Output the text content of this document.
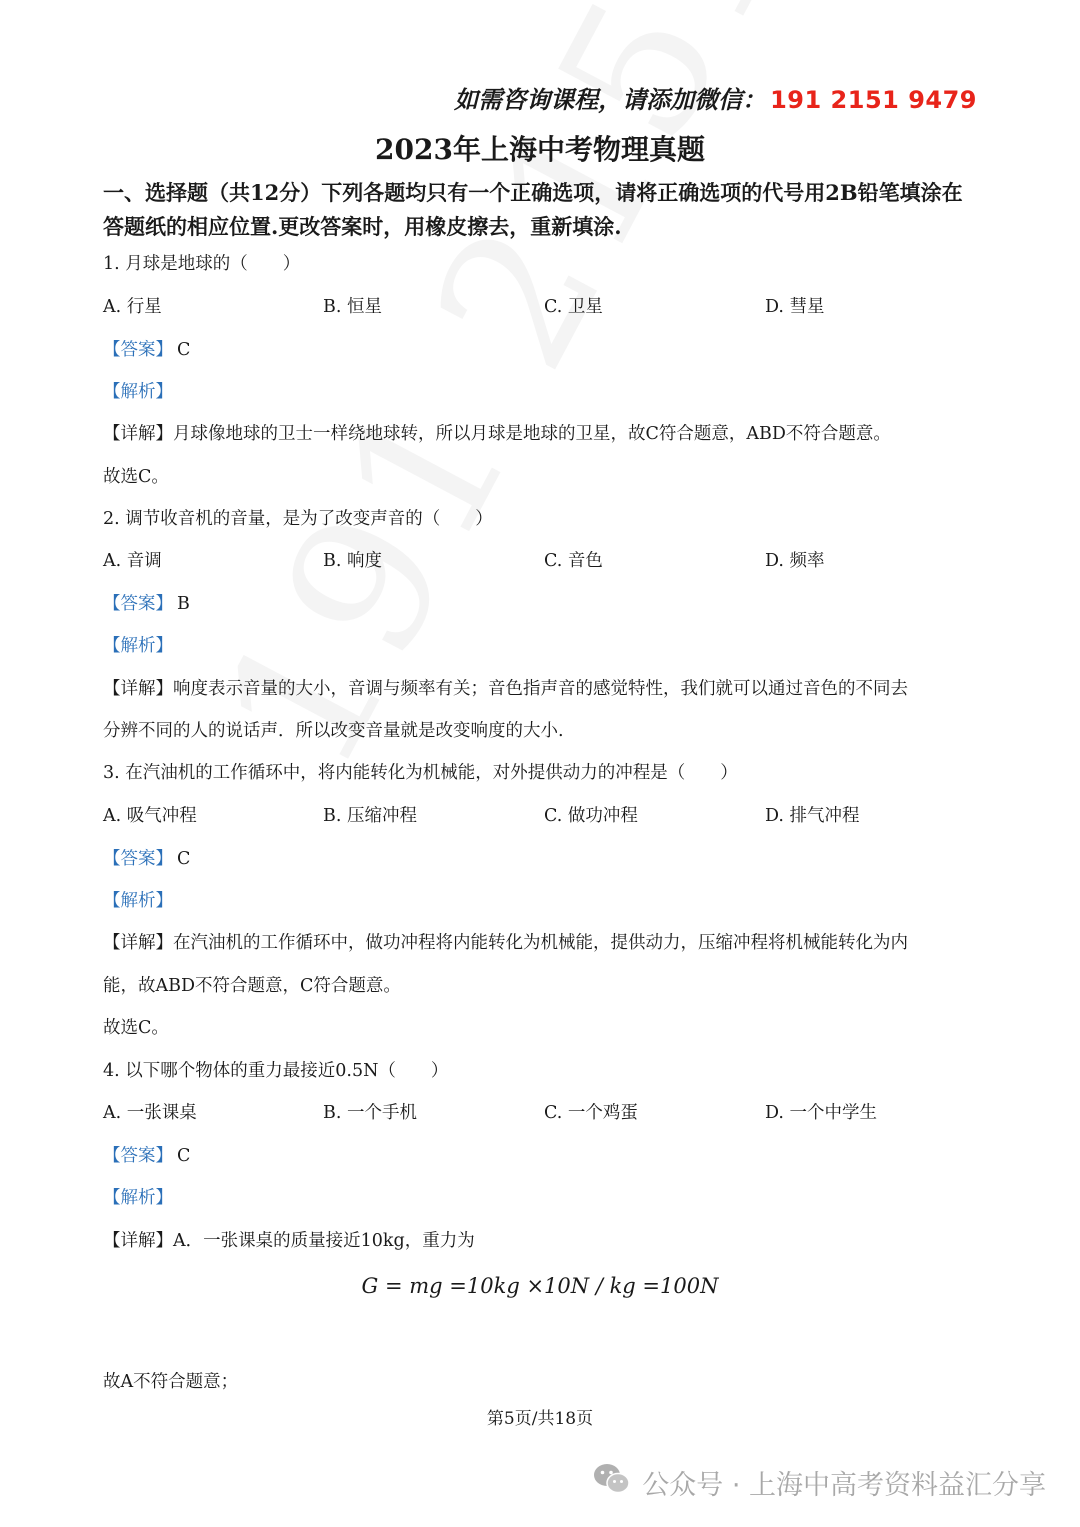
如需咨询课程，请添加微信： 191 2151 9479
2023年上海中考物理真题
一、选择题（共12分）下列各题均只有一个正确选项，请将正确选项的代号用2B铅笔填涂在答题纸的相应位置.更改答案时，用橡皮擦去，重新填涂.
1. 月球是地球的（　　）
A. 行星	B. 恒星	C. 卫星	D. 彗星
【答案】 C
【解析】
【详解】月球像地球的卫士一样绕地球转，所以月球是地球的卫星，故C符合题意，ABD不符合题意。
故选C。
2. 调节收音机的音量，是为了改变声音的（　　）
A. 音调	B. 响度	C. 音色	D. 频率
【答案】 B
【解析】
【详解】响度表示音量的大小，音调与频率有关；音色指声音的感觉特性，我们就可以通过音色的不同去
分辨不同的人的说话声．所以改变音量就是改变响度的大小.
3. 在汽油机的工作循环中，将内能转化为机械能，对外提供动力的冲程是（　　）
A. 吸气冲程	B. 压缩冲程	C. 做功冲程	D. 排气冲程
【答案】 C
【解析】
【详解】在汽油机的工作循环中，做功冲程将内能转化为机械能，提供动力，压缩冲程将机械能转化为内
能，故ABD不符合题意，C符合题意。
故选C。
4. 以下哪个物体的重力最接近0.5N（　　）
A. 一张课桌	B. 一个手机	C. 一个鸡蛋	D. 一个中学生
【答案】 C
【解析】
【详解】A．一张课桌的质量接近10kg，重力为
G = mg =10kg ×10N / kg =100N
故A不符合题意；
第5页/共18页
公众号 · 上海中高考资料益汇分享
